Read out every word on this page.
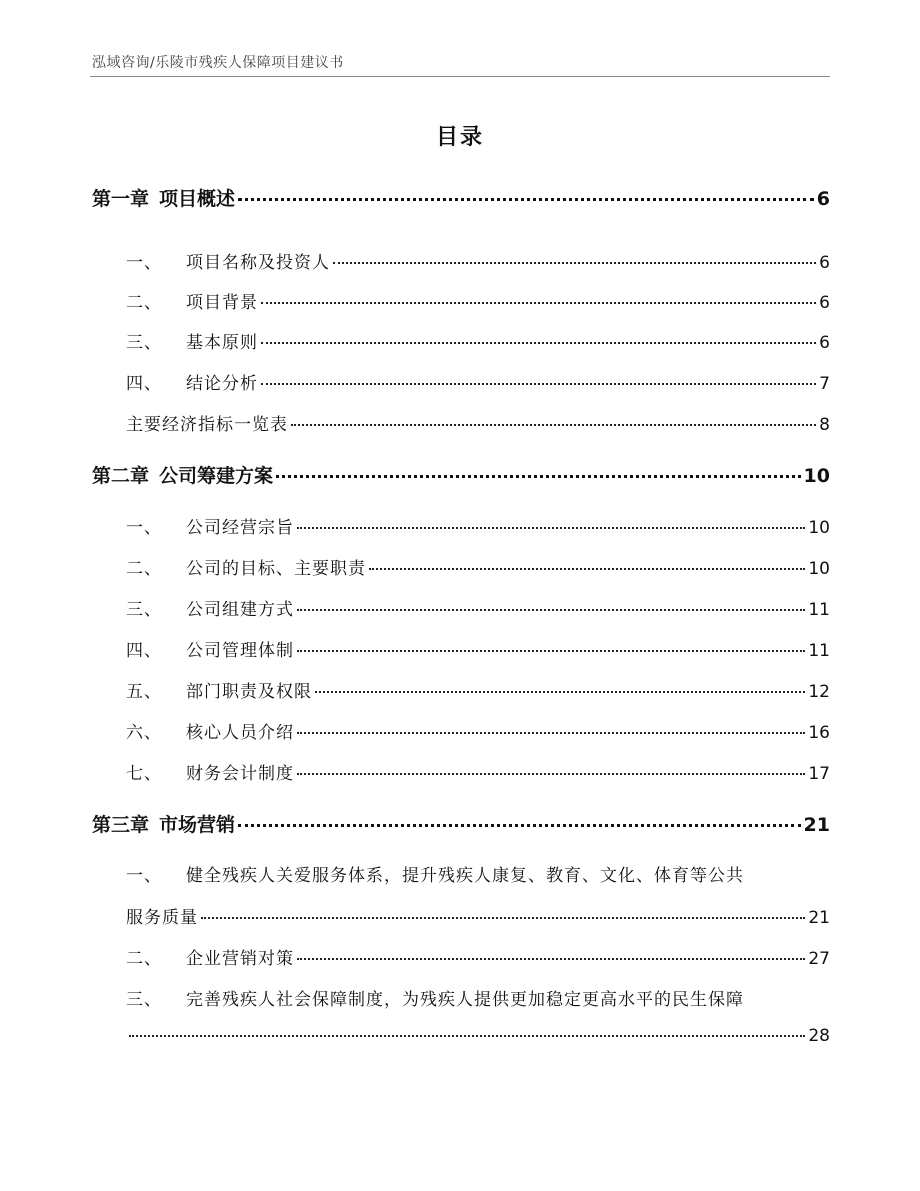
泓域咨询/乐陵市残疾人保障项目建议书
目录
第一章 项目概述	6
一、 项目名称及投资人	6
二、 项目背景	6
三、 基本原则	6
四、 结论分析	7
主要经济指标一览表	8
第二章 公司筹建方案	10
一、 公司经营宗旨	10
二、 公司的目标、主要职责	10
三、 公司组建方式	11
四、 公司管理体制	11
五、 部门职责及权限	12
六、 核心人员介绍	16
七、 财务会计制度	17
第三章 市场营销	21
一、 健全残疾人关爱服务体系，提升残疾人康复、教育、文化、体育等公共
服务质量	21
二、 企业营销对策	27
三、 完善残疾人社会保障制度，为残疾人提供更加稳定更高水平的民生保障
28
